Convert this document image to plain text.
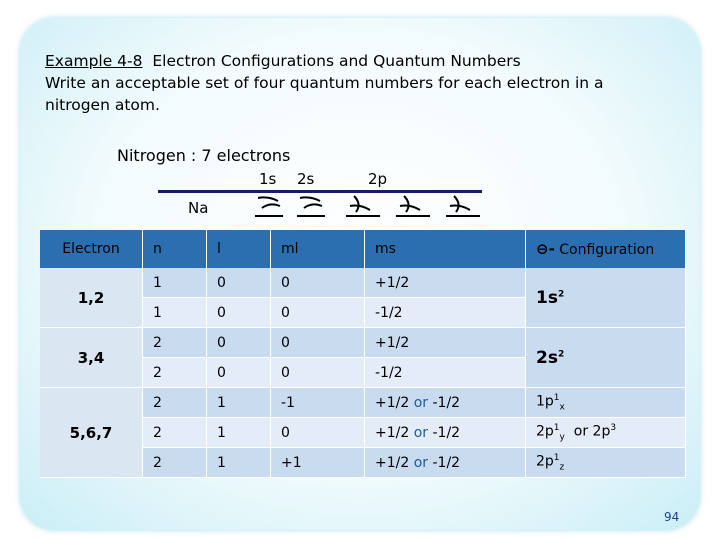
Example 4-8 Electron Configurations and Quantum Numbers
Write an acceptable set of four quantum numbers for each electron in a
nitrogen atom.
Nitrogen : 7 electrons
1s 2s	2p
Na
Electron	n	l	ml	ms	⊖- Configuration
1,2	1	0	0	+1/2	$1s^2$
	1	0	0	-1/2	
3,4	2	0	0	+1/2	$2s^2$
	2	0	0	-1/2	
5,6,7	2	1	-1	+1/2 or -1/2	$1p^1_x$
	2	1	0	+1/2 or -1/2	$2p^1_y$ or $2p^3$
	2	1	+1	+1/2 or -1/2	$2p^1_z$
94
